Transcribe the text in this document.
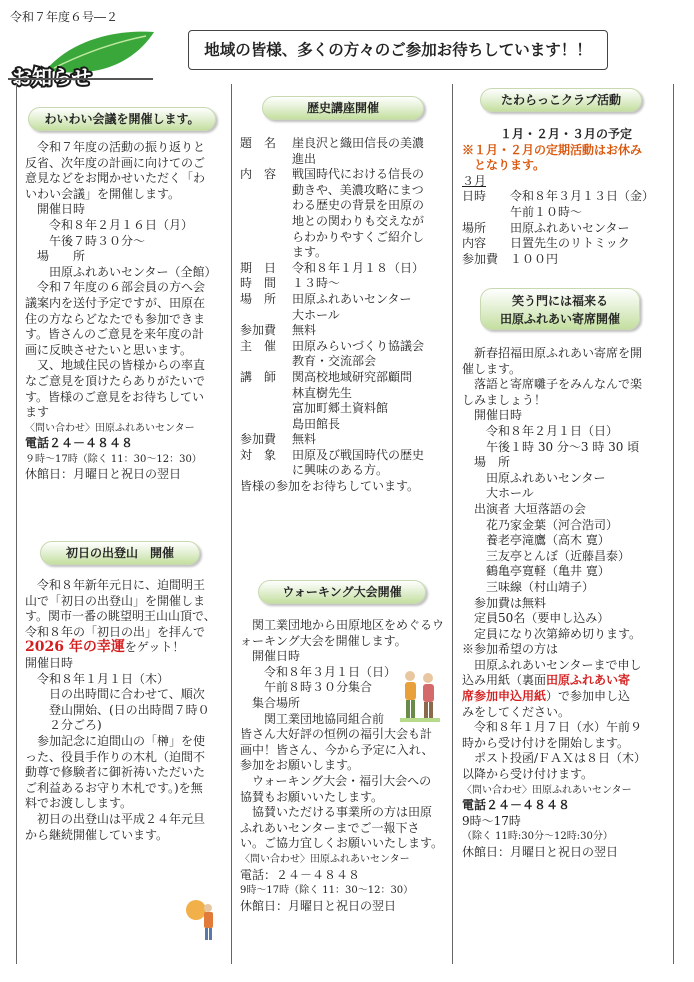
令和７年度６号―２
お知らせ
地域の皆様、多くの方々のご参加お待ちしています！！
わいわい会議を開催します。

　令和７年度の活動の振り返りと

反省、次年度の計画に向けてのご

意見などをお聞かせいただく「わ

いわい会議」を開催します。

　開催日時

　　令和８年２月１６日（月）

　　午後７時３０分～

　場　　所

　　田原ふれあいセンター（全館）

　令和７年度の６部会員の方へ会

議案内を送付予定ですが、田原在

住の方ならどなたでも参加できま

す。皆さんのご意見を来年度の計

画に反映させたいと思います。

　又、地域住民の皆様からの率直

なご意見を頂けたらありがたいで

す。皆様のご意見をお待ちしてい

ます

〈問い合わせ〉田原ふれあいセンター

電話２４－４８４８

９時～17時（除く 11：30～12：30）

休館日：月曜日と祝日の翌日

初日の出登山　開催

　令和８年新年元日に、迫間明王

山で「初日の出登山」を開催しま

す。関市一番の眺望明王山山頂で、

令和８年の「初日の出」を拝んで

2026 年の幸運をゲット！

開催日時

　令和８年１月１日（木）

　　日の出時間に合わせて、順次

　　登山開始、(日の出時間７時０

　　２分ごろ)

　参加記念に迫間山の「榊」を使

った、役員手作りの木札（迫間不

動尊で修験者に御祈祷いただいた

ご利益あるお守り木札です。)を無

料でお渡しします。

　初日の出登山は平成２４年元旦

から継続開催しています。

歴史講座開催
題　名	崖良沢と織田信長の美濃
進出
内　容	戦国時代における信長の
動きや、美濃攻略にまつ
わる歴史の背景を田原の
地との関わりも交えなが
らわかりやすくご紹介し
ます。
期　日	令和８年１月１８（日）
時　間	１３時～
場　所	田原ふれあいセンター
大ホール
参加費	無料
主　催	田原みらいづくり協議会
教育・交流部会
講　師	関高校地域研究部顧問
林直樹先生
富加町郷土資料館
島田館長
参加費	無料
対　象	田原及び戦国時代の歴史
に興味のある方。

皆様の参加をお待ちしています。

ウォーキング大会開催

　関工業団地から田原地区をめぐるウ

ォーキング大会を開催します。

　開催日時

　　令和８年３月１日（日）

　　午前８時３０分集合

　集合場所

　　関工業団地協同組合前

皆さん大好評の恒例の福引大会も計

画中！皆さん、今から予定に入れ、

参加をお願いします。

　ウォーキング大会・福引大会への

協賛もお願いいたします。

　協賛いただける事業所の方は田原

ふれあいセンターまでご一報下さ

い。ご協力宜しくお願いいたします。

〈問い合わせ〉田原ふれあいセンター

電話：２４－４８４８

9時～17時（除く 11：30～12：30）

休館日：月曜日と祝日の翌日

たわらっこクラブ活動

１月・２月・３月の予定

※１月・２月の定期活動はお休み

　となります。

３月

日時	令和８年３月１３日（金）
午前１０時～
場所	田原ふれあいセンター
内容	日置先生のリトミック
参加費 １００円
笑う門には福来る
田原ふれあい寄席開催

　新春招福田原ふれあい寄席を開

催します。

　落語と寄席囃子をみんなんで楽

しみましょう！

　開催日時

　　令和８年２月１日（日）

　　午後１時 30 分～3 時 30 頃

　場　所

　　田原ふれあいセンター

　　大ホール

　出演者 大垣落語の会

　　花乃家金葉（河合浩司）

　　養老亭滝鷹（高木 寛）

　　三友亭とんぼ（近藤昌泰）

　　鶴亀亭寛軽（亀井 寛）

　　三味線（村山靖子）

　参加費は無料

　定員50名（要申し込み）

　定員になり次第締め切ります。

※参加希望の方は

　田原ふれあいセンターまで申し

込み用紙（裏面田原ふれあい寄

席参加申込用紙）で参加申し込

みをしてください。

　令和８年１月７日（水）午前９

時から受け付けを開始します。

　ポスト投函/ＦＡＸは８日（木）

以降から受け付けます。

〈問い合わせ〉田原ふれあいセンター

電話２４－４８４８

9時～17時

（除く 11時:30分～12時:30分）

休館日：月曜日と祝日の翌日
